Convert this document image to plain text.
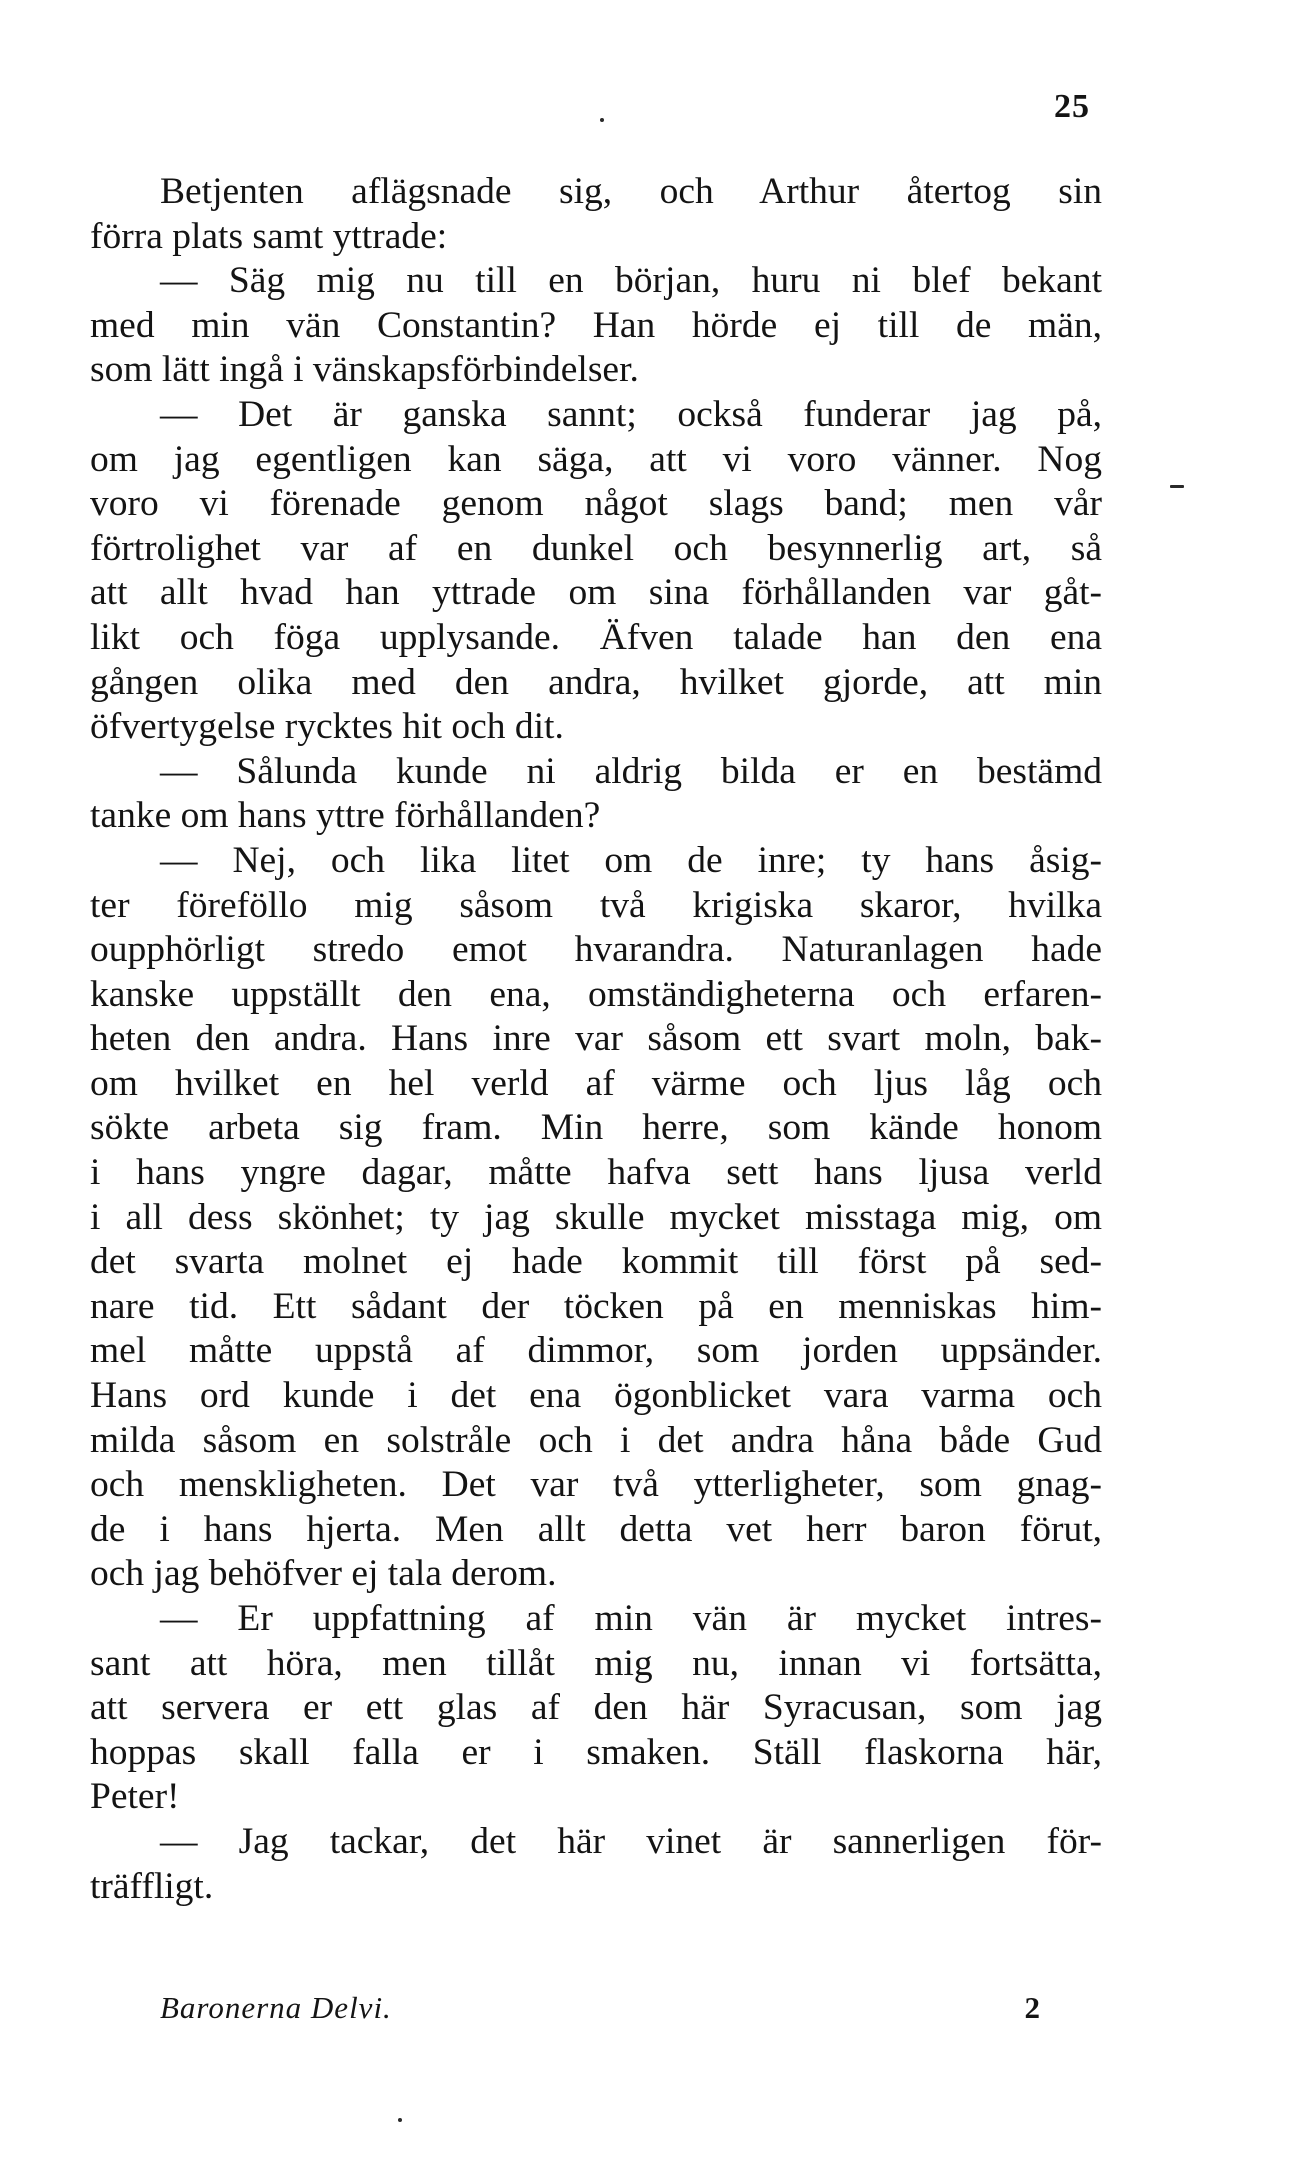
25
Betjenten aflägsnade sig, och Arthur återtog sin
förra plats samt yttrade:
— Säg mig nu till en början, huru ni blef bekant
med min vän Constantin? Han hörde ej till de män,
som lätt ingå i vänskapsförbindelser.
— Det är ganska sannt; också funderar jag på,
om jag egentligen kan säga, att vi voro vänner. Nog
voro vi förenade genom något slags band; men vår
förtrolighet var af en dunkel och besynnerlig art, så
att allt hvad han yttrade om sina förhållanden var gåt-
likt och föga upplysande. Äfven talade han den ena
gången olika med den andra, hvilket gjorde, att min
öfvertygelse rycktes hit och dit.
— Sålunda kunde ni aldrig bilda er en bestämd
tanke om hans yttre förhållanden?
— Nej, och lika litet om de inre; ty hans åsig-
ter föreföllo mig såsom två krigiska skaror, hvilka
oupphörligt stredo emot hvarandra. Naturanlagen hade
kanske uppställt den ena, omständigheterna och erfaren-
heten den andra. Hans inre var såsom ett svart moln, bak-
om hvilket en hel verld af värme och ljus låg och
sökte arbeta sig fram. Min herre, som kände honom
i hans yngre dagar, måtte hafva sett hans ljusa verld
i all dess skönhet; ty jag skulle mycket misstaga mig, om
det svarta molnet ej hade kommit till först på sed-
nare tid. Ett sådant der töcken på en menniskas him-
mel måtte uppstå af dimmor, som jorden uppsänder.
Hans ord kunde i det ena ögonblicket vara varma och
milda såsom en solstråle och i det andra håna både Gud
och menskligheten. Det var två ytterligheter, som gnag-
de i hans hjerta. Men allt detta vet herr baron förut,
och jag behöfver ej tala derom.
— Er uppfattning af min vän är mycket intres-
sant att höra, men tillåt mig nu, innan vi fortsätta,
att servera er ett glas af den här Syracusan, som jag
hoppas skall falla er i smaken. Ställ flaskorna här,
Peter!
— Jag tackar, det här vinet är sannerligen för-
träffligt.
Baronerna Delvi.	2
